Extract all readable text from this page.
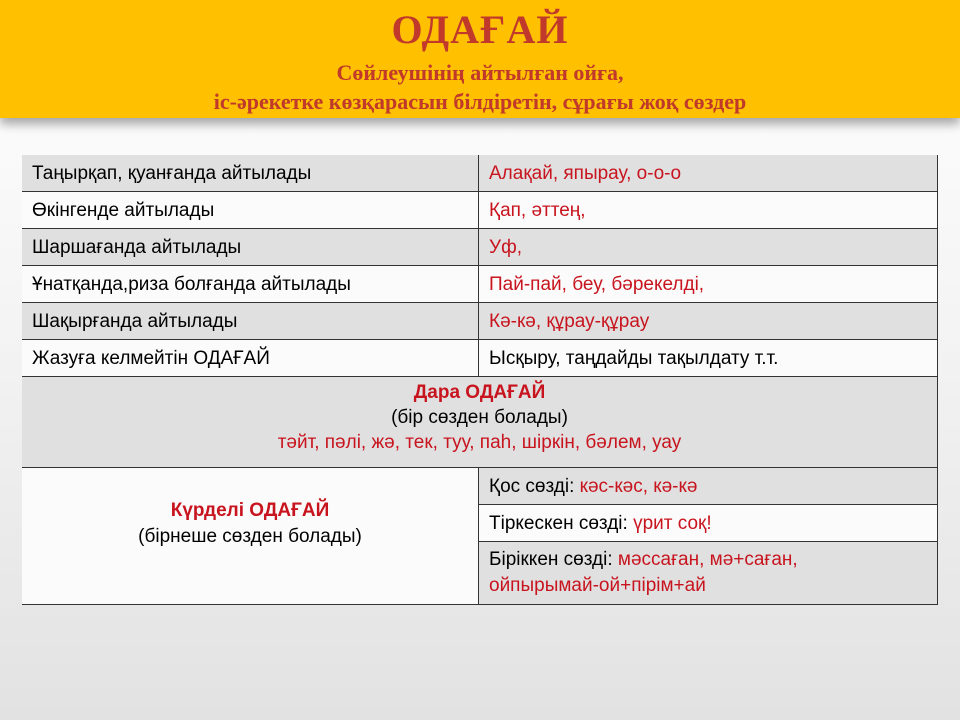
ОДАҒАЙ
Сөйлеушінің айтылған ойға,
іс-әрекетке көзқарасын білдіретін, сұрағы жоқ сөздер
Таңырқап, қуанғанда айтылады	Алақай, япырау, о-о-о
Өкінгенде айтылады	Қап, әттең,
Шаршағанда айтылады	Уф,
Ұнатқанда,риза болғанда айтылады	Пай-пай, беу, бәрекелді,
Шақырғанда айтылады	Кә-кә, құрау-құрау
Жазуға келмейтін ОДАҒАЙ	Ысқыру, таңдайды тақылдату т.т.
Дара ОДАҒАЙ
(бір сөзден болады)
тәйт, пәлі, жә, тек, туу, паһ, шіркін, бәлем, уау
Күрделі ОДАҒАЙ
(бірнеше сөзден болады)
Қос сөзді: кәс-кәс, кә-кә
Тіркескен сөзді: үрит соқ!
Біріккен сөзді: мәссаған, мә+саған,
ойпырымай-ой+пірім+ай
